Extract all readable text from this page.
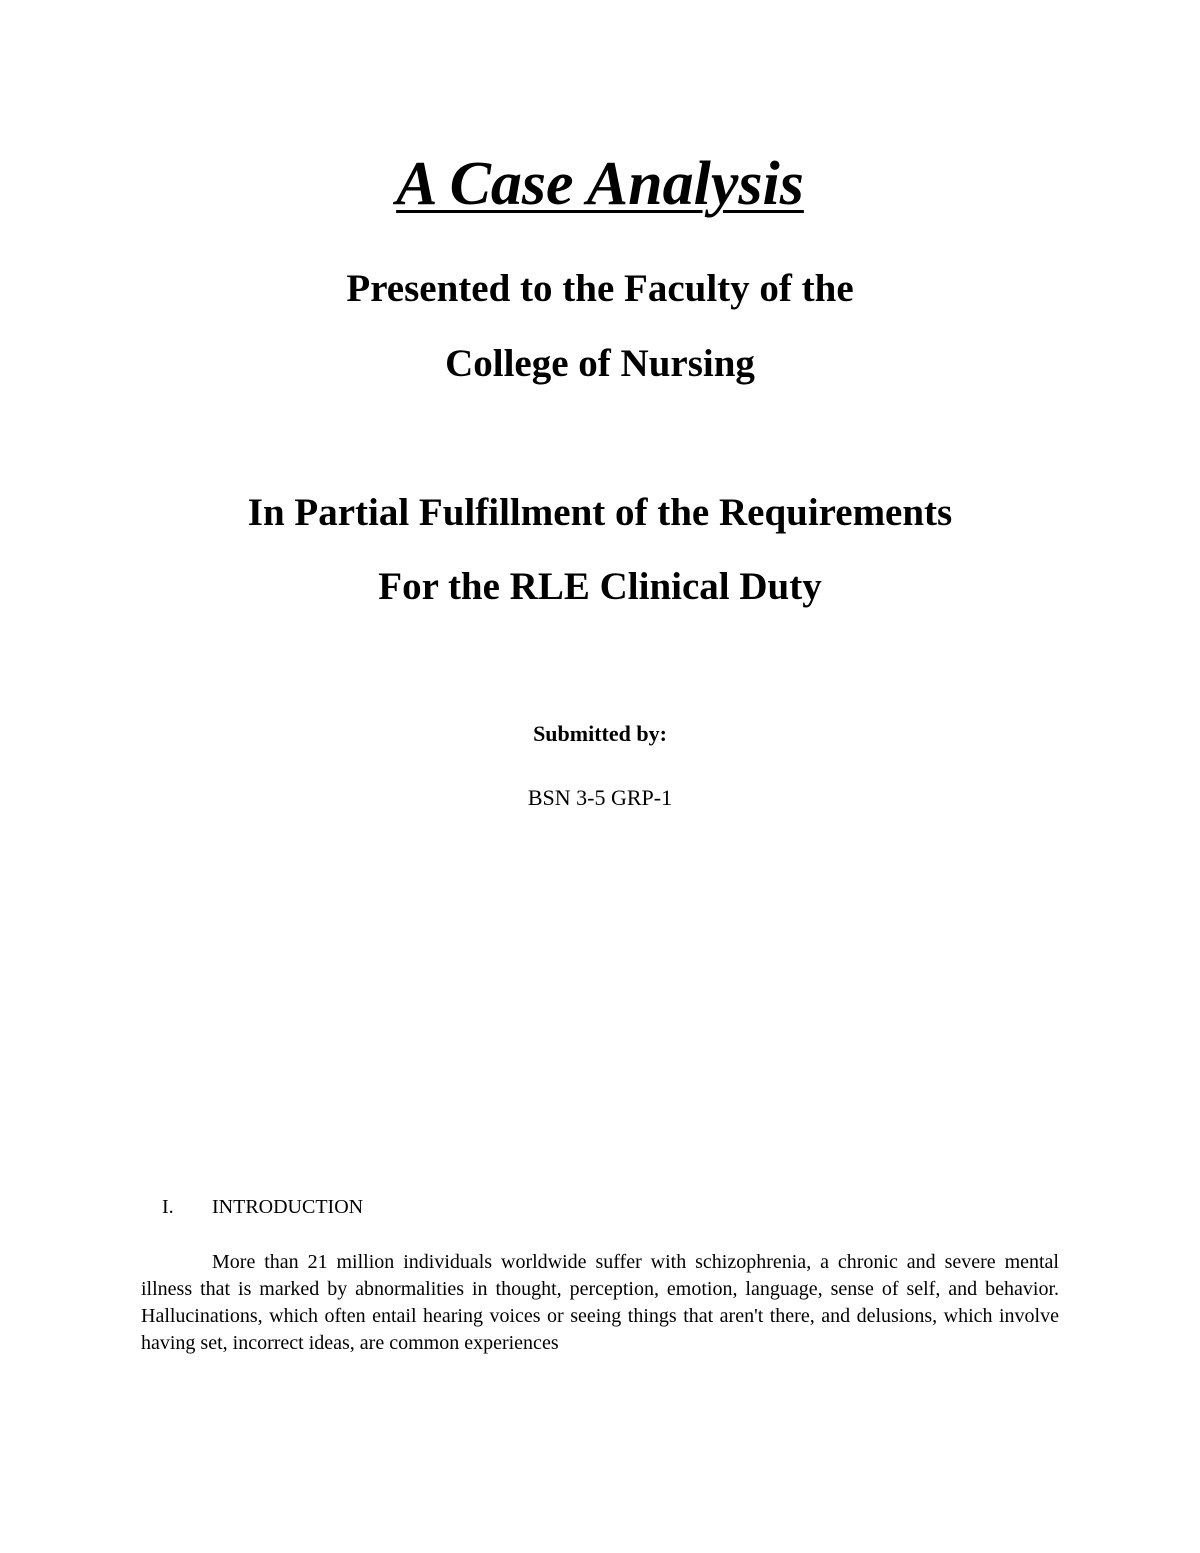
A Case Analysis
Presented to the Faculty of the
College of Nursing
In Partial Fulfillment of the Requirements
For the RLE Clinical Duty
Submitted by:
BSN 3-5 GRP-1
I. INTRODUCTION
More than 21 million individuals worldwide suffer with schizophrenia, a chronic and severe mental illness that is marked by abnormalities in thought, perception, emotion, language, sense of self, and behavior. Hallucinations, which often entail hearing voices or seeing things that aren't there, and delusions, which involve having set, incorrect ideas, are common experiences
